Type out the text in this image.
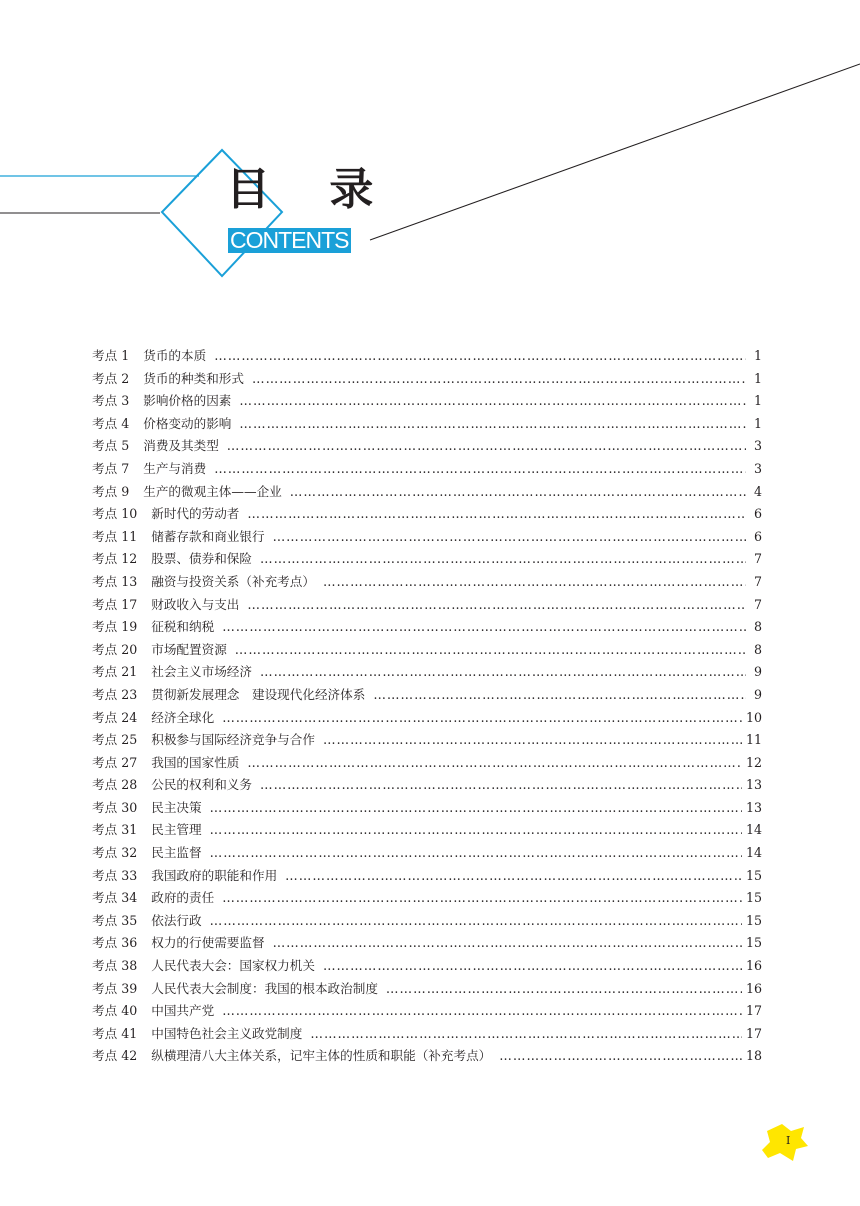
目 录
CONTENTS
考点 1 货币的本质 ……………………………………………………………………………………………………………………………………………………………………………………………………	1
考点 2 货币的种类和形式 ……………………………………………………………………………………………………………………………………………………………………………………………………	1
考点 3 影响价格的因素 ……………………………………………………………………………………………………………………………………………………………………………………………………	1
考点 4 价格变动的影响 ……………………………………………………………………………………………………………………………………………………………………………………………………	1
考点 5 消费及其类型 ……………………………………………………………………………………………………………………………………………………………………………………………………	3
考点 7 生产与消费 ……………………………………………………………………………………………………………………………………………………………………………………………………	3
考点 9 生产的微观主体——企业 ……………………………………………………………………………………………………………………………………………………………………………………………………	4
考点 10 新时代的劳动者 ……………………………………………………………………………………………………………………………………………………………………………………………………	6
考点 11 储蓄存款和商业银行 ……………………………………………………………………………………………………………………………………………………………………………………………………	6
考点 12 股票、债券和保险 ……………………………………………………………………………………………………………………………………………………………………………………………………	7
考点 13 融资与投资关系（补充考点） ……………………………………………………………………………………………………………………………………………………………………………………………………	7
考点 17 财政收入与支出 ……………………………………………………………………………………………………………………………………………………………………………………………………	7
考点 19 征税和纳税 ……………………………………………………………………………………………………………………………………………………………………………………………………	8
考点 20 市场配置资源 ……………………………………………………………………………………………………………………………………………………………………………………………………	8
考点 21 社会主义市场经济 ……………………………………………………………………………………………………………………………………………………………………………………………………	9
考点 23 贯彻新发展理念　建设现代化经济体系 ……………………………………………………………………………………………………………………………………………………………………………………………………	9
考点 24 经济全球化 ……………………………………………………………………………………………………………………………………………………………………………………………………	10
考点 25 积极参与国际经济竞争与合作 ……………………………………………………………………………………………………………………………………………………………………………………………………	11
考点 27 我国的国家性质 ……………………………………………………………………………………………………………………………………………………………………………………………………	12
考点 28 公民的权利和义务 ……………………………………………………………………………………………………………………………………………………………………………………………………	13
考点 30 民主决策 ……………………………………………………………………………………………………………………………………………………………………………………………………	13
考点 31 民主管理 ……………………………………………………………………………………………………………………………………………………………………………………………………	14
考点 32 民主监督 ……………………………………………………………………………………………………………………………………………………………………………………………………	14
考点 33 我国政府的职能和作用 ……………………………………………………………………………………………………………………………………………………………………………………………………	15
考点 34 政府的责任 ……………………………………………………………………………………………………………………………………………………………………………………………………	15
考点 35 依法行政 ……………………………………………………………………………………………………………………………………………………………………………………………………	15
考点 36 权力的行使需要监督 ……………………………………………………………………………………………………………………………………………………………………………………………………	15
考点 38 人民代表大会：国家权力机关 ……………………………………………………………………………………………………………………………………………………………………………………………………	16
考点 39 人民代表大会制度：我国的根本政治制度 ……………………………………………………………………………………………………………………………………………………………………………………………………	16
考点 40 中国共产党 ……………………………………………………………………………………………………………………………………………………………………………………………………	17
考点 41 中国特色社会主义政党制度 ……………………………………………………………………………………………………………………………………………………………………………………………………	17
考点 42 纵横理清八大主体关系，记牢主体的性质和职能（补充考点） ……………………………………………………………………………………………………………………………………………………………………………………………………	18
Ⅰ
